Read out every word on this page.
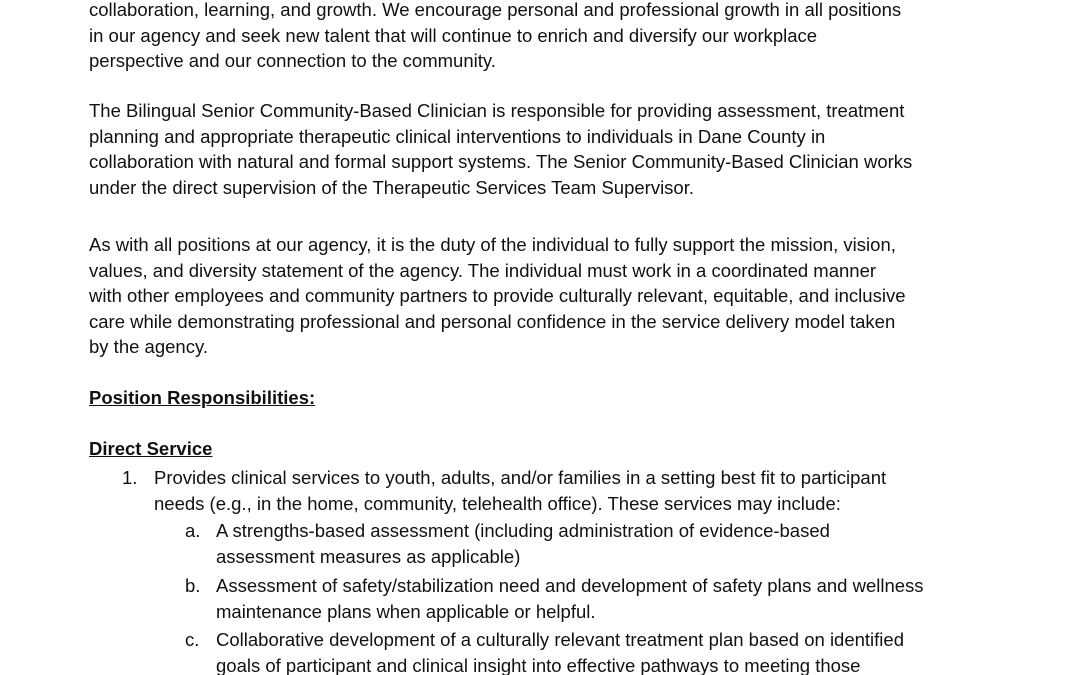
collaboration, learning, and growth. We encourage personal and professional growth in all positions
in our agency and seek new talent that will continue to enrich and diversify our workplace
perspective and our connection to the community.

The Bilingual Senior Community-Based Clinician is responsible for providing assessment, treatment
planning and appropriate therapeutic clinical interventions to individuals in Dane County in
collaboration with natural and formal support systems. The Senior Community-Based Clinician works
under the direct supervision of the Therapeutic Services Team Supervisor.

As with all positions at our agency, it is the duty of the individual to fully support the mission, vision,
values, and diversity statement of the agency. The individual must work in a coordinated manner
with other employees and community partners to provide culturally relevant, equitable, and inclusive
care while demonstrating professional and personal confidence in the service delivery model taken
by the agency.

Position Responsibilities:
Direct Service
1. Provides clinical services to youth, adults, and/or families in a setting best fit to participant
needs (e.g., in the home, community, telehealth office). These services may include:
a. A strengths-based assessment (including administration of evidence-based
assessment measures as applicable)
b. Assessment of safety/stabilization need and development of safety plans and wellness
maintenance plans when applicable or helpful.
c. Collaborative development of a culturally relevant treatment plan based on identified
goals of participant and clinical insight into effective pathways to meeting those
